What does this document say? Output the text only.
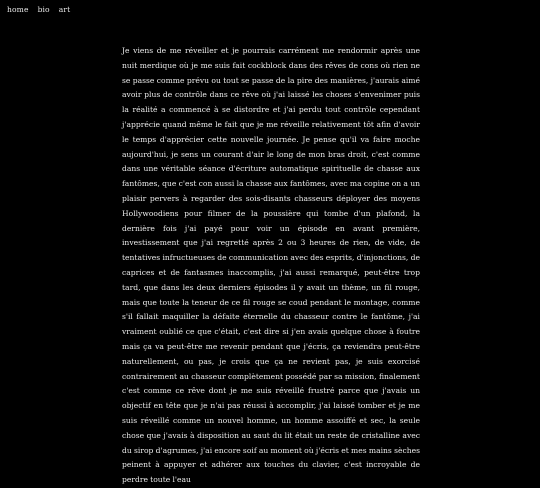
home bio art

Je viens de me réveiller et je pourrais carrément me rendormir après une nuit merdique où je me suis fait cockblock dans des rêves de cons où rien ne se passe comme prévu ou tout se passe de la pire des manières, j'aurais aimé avoir plus de contrôle dans ce rêve où j'ai laissé les choses s'envenimer puis la réalité a commencé à se distordre et j'ai perdu tout contrôle cependant j'apprécie quand même le fait que je me réveille relativement tôt afin d'avoir le temps d'apprécier cette nouvelle journée. Je pense qu'il va faire moche aujourd'hui, je sens un courant d'air le long de mon bras droit, c'est comme dans une véritable séance d'écriture automatique spirituelle de chasse aux fantômes, que c'est con aussi la chasse aux fantômes, avec ma copine on a un plaisir pervers à regarder des sois-disants chasseurs déployer des moyens Hollywoodiens pour filmer de la poussière qui tombe d'un plafond, la dernière fois j'ai payé pour voir un épisode en avant première, investissement que j'ai regretté après 2 ou 3 heures de rien, de vide, de tentatives infructueuses de communication avec des esprits, d'injonctions, de caprices et de fantasmes inaccomplis, j'ai aussi remarqué, peut-être trop tard, que dans les deux derniers épisodes il y avait un thème, un fil rouge, mais que toute la teneur de ce fil rouge se coud pendant le montage, comme s'il fallait maquiller la défaite éternelle du chasseur contre le fantôme, j'ai vraiment oublié ce que c'était, c'est dire si j'en avais quelque chose à foutre mais ça va peut-être me revenir pendant que j'écris, ça reviendra peut-être naturellement, ou pas, je crois que ça ne revient pas, je suis exorcisé contrairement au chasseur complètement possédé par sa mission, finalement c'est comme ce rêve dont je me suis réveillé frustré parce que j'avais un objectif en tête que je n'ai pas réussi à accomplir, j'ai laissé tomber et je me suis réveillé comme un nouvel homme, un homme assoiffé et sec, la seule chose que j'avais à disposition au saut du lit était un reste de cristalline avec du sirop d'agrumes, j'ai encore soif au moment où j'écris et mes mains sèches peinent à appuyer et adhérer aux touches du clavier, c'est incroyable de perdre toute l'eau
